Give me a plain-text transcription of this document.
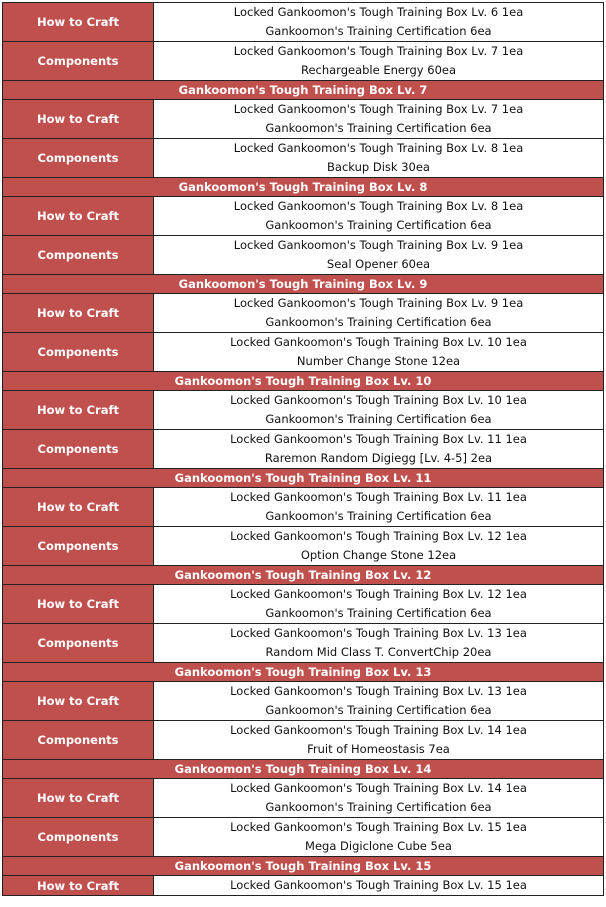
How to Craft	Locked Gankoomon's Tough Training Box Lv. 6 1ea
Gankoomon's Training Certification 6ea

Components	Locked Gankoomon's Tough Training Box Lv. 7 1ea
Rechargeable Energy 60ea

Gankoomon's Tough Training Box Lv. 7	
How to Craft	Locked Gankoomon's Tough Training Box Lv. 7 1ea
Gankoomon's Training Certification 6ea

Components	Locked Gankoomon's Tough Training Box Lv. 8 1ea
Backup Disk 30ea

Gankoomon's Tough Training Box Lv. 8	
How to Craft	Locked Gankoomon's Tough Training Box Lv. 8 1ea
Gankoomon's Training Certification 6ea

Components	Locked Gankoomon's Tough Training Box Lv. 9 1ea
Seal Opener 60ea

Gankoomon's Tough Training Box Lv. 9	
How to Craft	Locked Gankoomon's Tough Training Box Lv. 9 1ea
Gankoomon's Training Certification 6ea

Components	Locked Gankoomon's Tough Training Box Lv. 10 1ea
Number Change Stone 12ea

Gankoomon's Tough Training Box Lv. 10	
How to Craft	Locked Gankoomon's Tough Training Box Lv. 10 1ea
Gankoomon's Training Certification 6ea

Components	Locked Gankoomon's Tough Training Box Lv. 11 1ea
Raremon Random Digiegg [Lv. 4-5] 2ea

Gankoomon's Tough Training Box Lv. 11	
How to Craft	Locked Gankoomon's Tough Training Box Lv. 11 1ea
Gankoomon's Training Certification 6ea

Components	Locked Gankoomon's Tough Training Box Lv. 12 1ea
Option Change Stone 12ea

Gankoomon's Tough Training Box Lv. 12	
How to Craft	Locked Gankoomon's Tough Training Box Lv. 12 1ea
Gankoomon's Training Certification 6ea

Components	Locked Gankoomon's Tough Training Box Lv. 13 1ea
Random Mid Class T. ConvertChip 20ea

Gankoomon's Tough Training Box Lv. 13	
How to Craft	Locked Gankoomon's Tough Training Box Lv. 13 1ea
Gankoomon's Training Certification 6ea

Components	Locked Gankoomon's Tough Training Box Lv. 14 1ea
Fruit of Homeostasis 7ea

Gankoomon's Tough Training Box Lv. 14	
How to Craft	Locked Gankoomon's Tough Training Box Lv. 14 1ea
Gankoomon's Training Certification 6ea

Components	Locked Gankoomon's Tough Training Box Lv. 15 1ea
Mega Digiclone Cube 5ea

Gankoomon's Tough Training Box Lv. 15	
How to Craft	Locked Gankoomon's Tough Training Box Lv. 15 1ea
